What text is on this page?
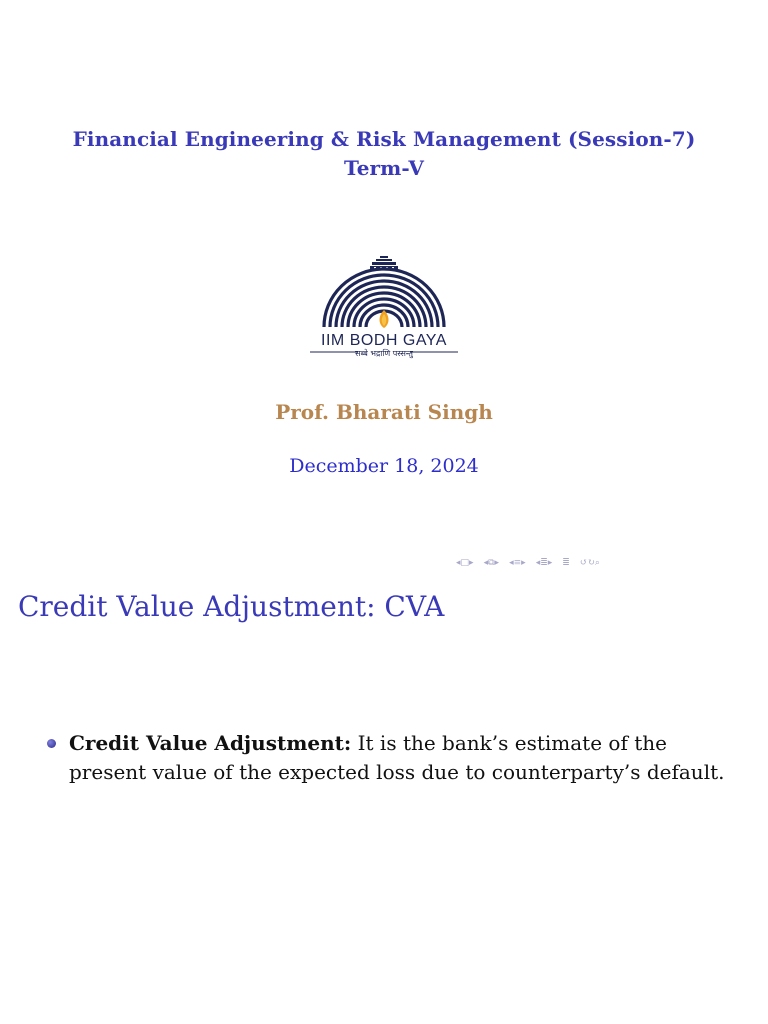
Financial Engineering & Risk Management (Session-7)
Term-V
IIM BODH GAYA
सब्बे भद्राणि पस्सन्तु
Prof. Bharati Singh
December 18, 2024
◂ □ ▸ ◂ ⧉ ▸ ◂ ≡ ▸ ◂ ≣ ▸ ≣ ↺↻⌕
Credit Value Adjustment: CVA
Credit Value Adjustment: It is the bank’s estimate of the present value of the expected loss due to counterparty’s default.
